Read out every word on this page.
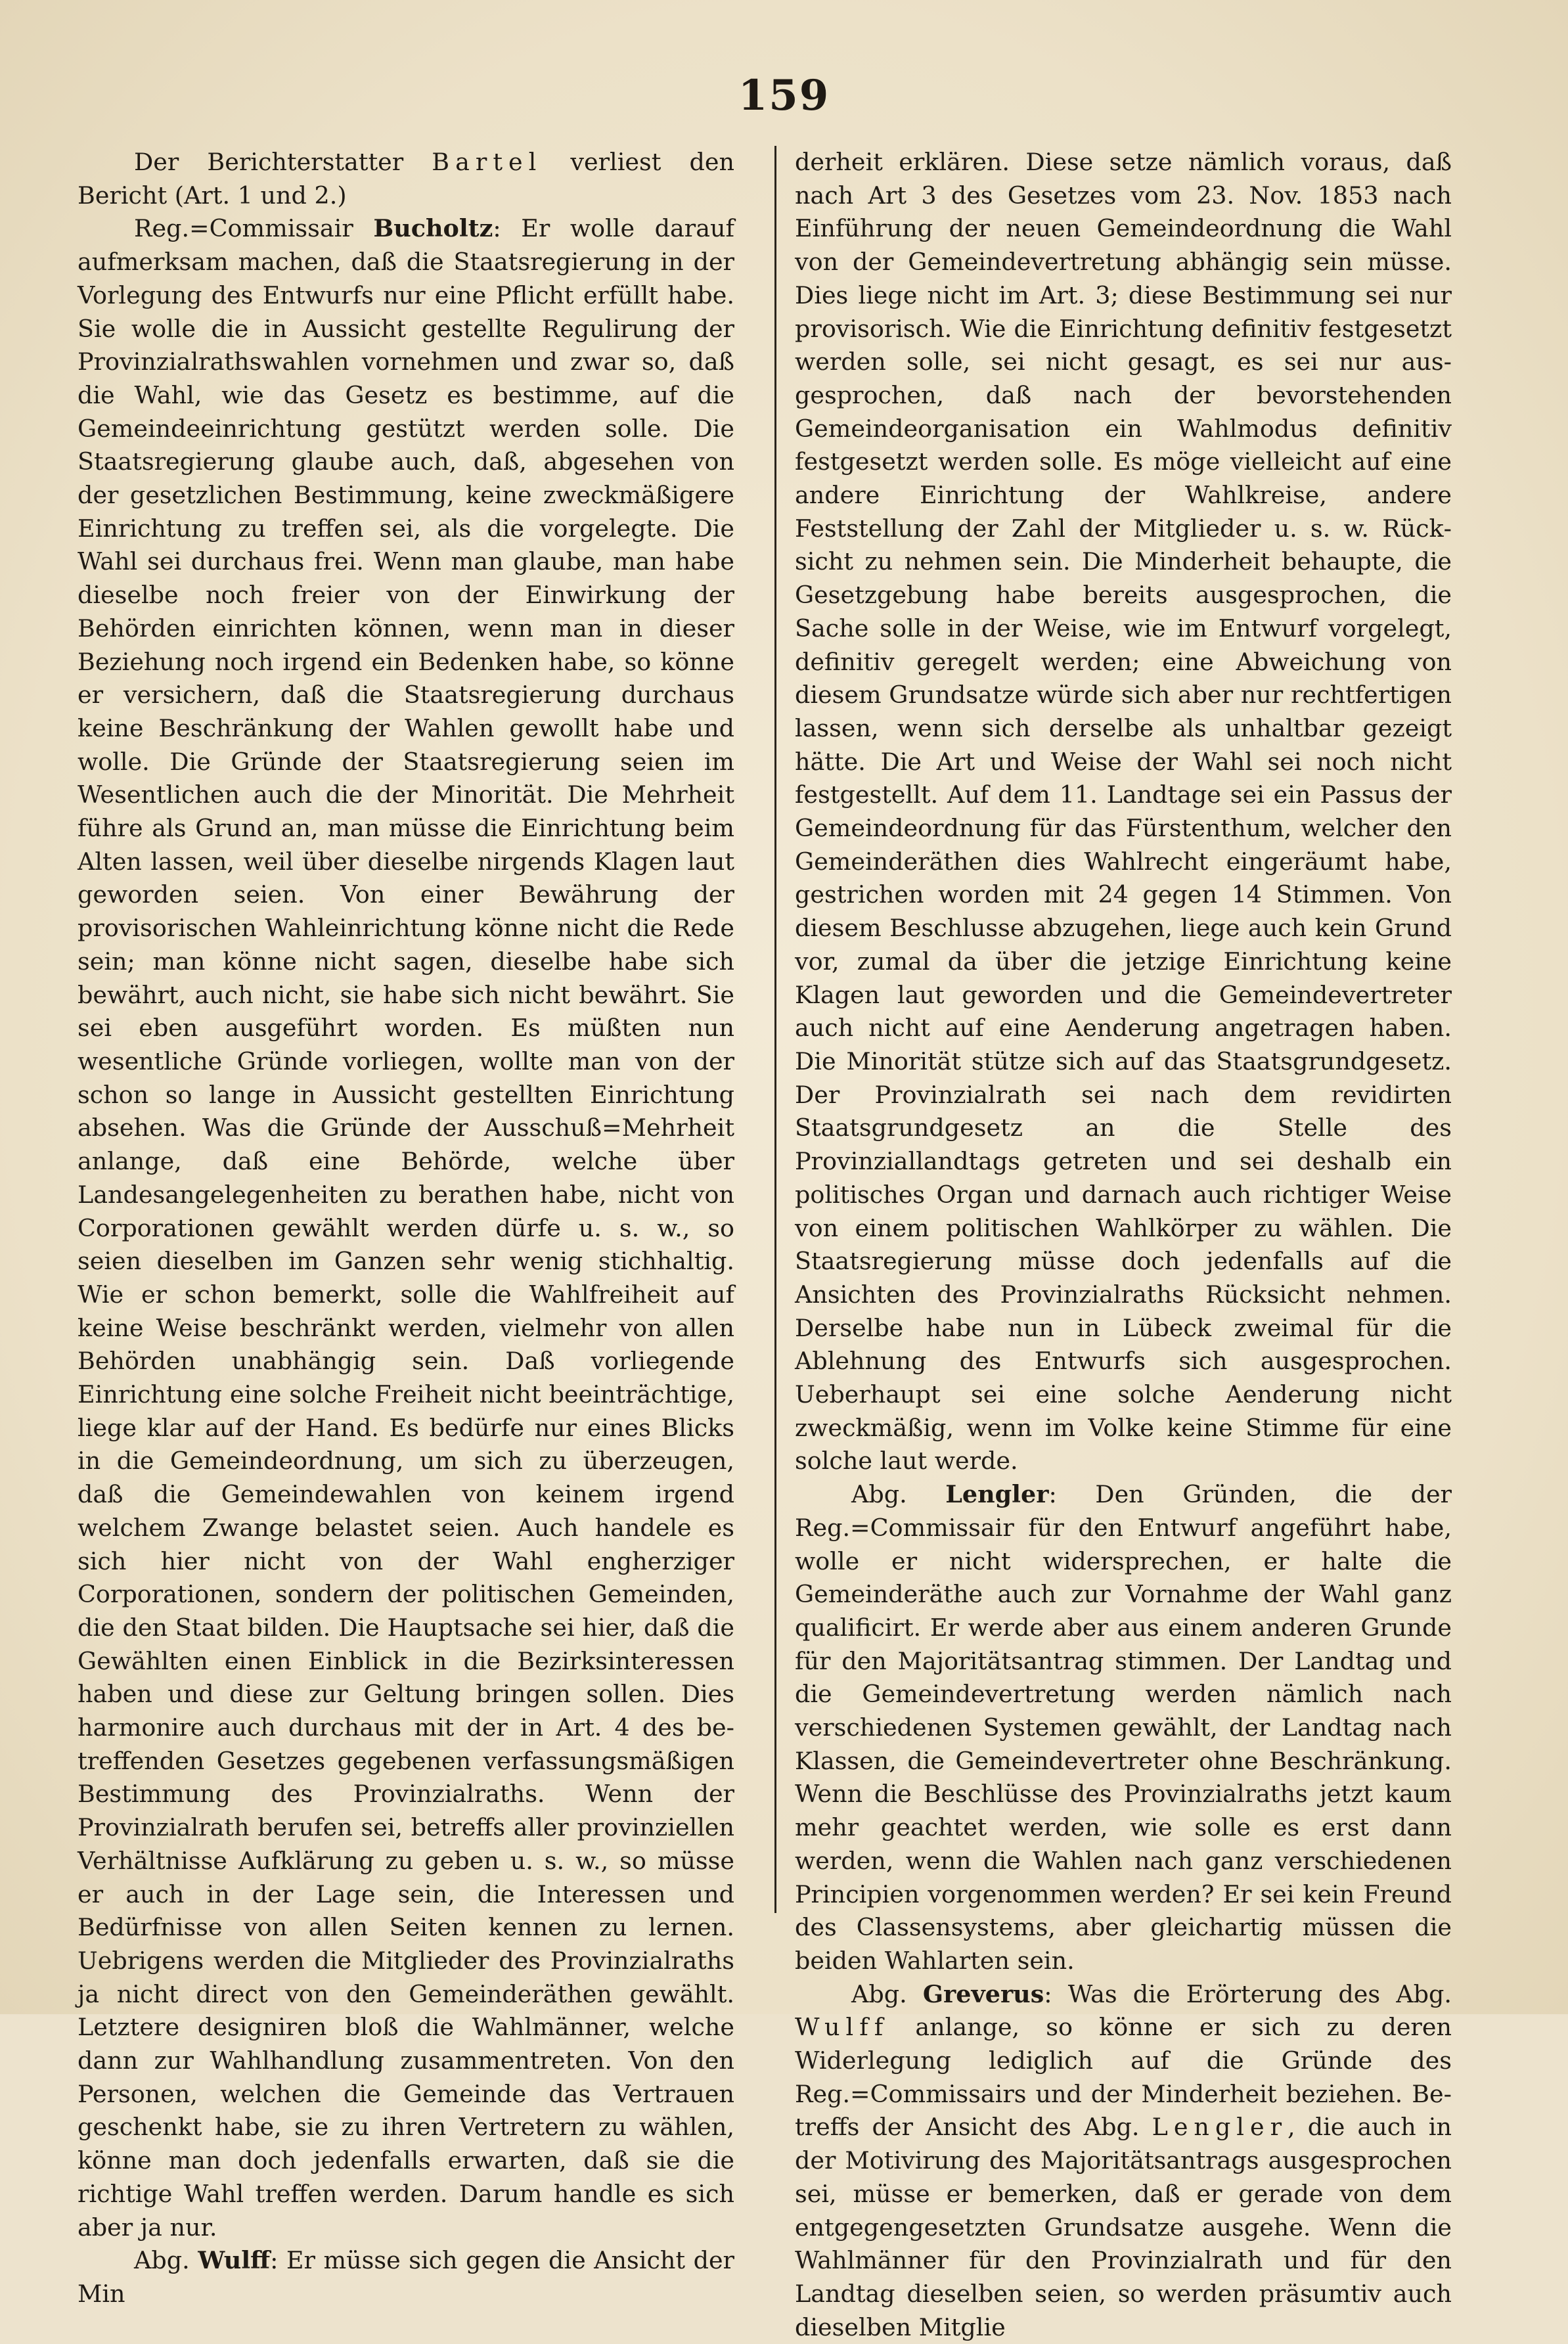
159

Der Berichterstatter Bartel verliest den Bericht (Art. 1 und 2.)

Reg.=Commissair Bucholtz: Er wolle darauf aufmerksam machen, daß die Staatsregierung in der Vorlegung des Entwurfs nur eine Pflicht erfüllt habe. Sie wolle die in Aussicht gestellte Regulirung der Provinzialrathswahlen vornehmen und zwar so, daß die Wahl, wie das Gesetz es bestimme, auf die Gemeindeeinrichtung gestützt werden solle. Die Staatsregierung glaube auch, daß, abgesehen von der gesetzlichen Bestimmung, keine zweckmäßigere Einrichtung zu treffen sei, als die vorgelegte. Die Wahl sei durchaus frei. Wenn man glaube, man habe dieselbe noch freier von der Einwirkung der Behörden einrichten können, wenn man in dieser Beziehung noch irgend ein Bedenken habe, so könne er versichern, daß die Staatsregierung durchaus keine Beschränkung der Wahlen gewollt habe und wolle. Die Gründe der Staatsregierung seien im Wesentlichen auch die der Minorität. Die Mehrheit führe als Grund an, man müsse die Einrichtung beim Alten lassen, weil über dieselbe nirgends Klagen laut geworden seien. Von einer Bewährung der provisorischen Wahleinrichtung könne nicht die Rede sein; man könne nicht sagen, dieselbe habe sich bewährt, auch nicht, sie habe sich nicht bewährt. Sie sei eben ausgeführt worden. Es müßten nun wesentliche Gründe vorliegen, wollte man von der schon so lange in Aussicht gestellten Einrichtung absehen. Was die Gründe der Ausschuß=Mehrheit anlange, daß eine Behörde, welche über Landesangelegenheiten zu berathen habe, nicht von Corporationen gewählt werden dürfe u. s. w., so seien dieselben im Ganzen sehr wenig stichhaltig. Wie er schon bemerkt, solle die Wahlfreiheit auf keine Weise beschränkt werden, vielmehr von allen Behörden unabhängig sein. Daß vorliegende Einrichtung eine solche Freiheit nicht beeinträchtige, liege klar auf der Hand. Es bedürfe nur eines Blicks in die Gemeindeordnung, um sich zu überzeugen, daß die Gemeindewahlen von keinem irgend welchem Zwange belastet seien. Auch handele es sich hier nicht von der Wahl engherziger Corporationen, sondern der politischen Gemeinden, die den Staat bilden. Die Hauptsache sei hier, daß die Gewählten einen Einblick in die Bezirksinteressen haben und diese zur Geltung bringen sollen. Dies harmonire auch durchaus mit der in Art. 4 des betreffenden Gesetzes gegebenen verfassungsmäßigen Bestimmung des Provinzialraths. Wenn der Provinzialrath berufen sei, betreffs aller provinziellen Verhältnisse Aufklärung zu geben u. s. w., so müsse er auch in der Lage sein, die Interessen und Bedürfnisse von allen Seiten kennen zu lernen. Uebrigens werden die Mitglieder des Provinzialraths ja nicht direct von den Gemeinderäthen gewählt. Letztere designiren bloß die Wahlmänner, welche dann zur Wahlhandlung zusammentreten. Von den Personen, welchen die Gemeinde das Vertrauen geschenkt habe, sie zu ihren Vertretern zu wählen, könne man doch jedenfalls erwarten, daß sie die richtige Wahl treffen werden. Darum handle es sich aber ja nur.

Abg. Wulff: Er müsse sich gegen die Ansicht der Min

derheit erklären. Diese setze nämlich voraus, daß nach Art 3 des Gesetzes vom 23. Nov. 1853 nach Einführung der neuen Gemeindeordnung die Wahl von der Gemeindevertretung abhängig sein müsse. Dies liege nicht im Art. 3; diese Bestimmung sei nur provisorisch. Wie die Einrichtung definitiv festgesetzt werden solle, sei nicht gesagt, es sei nur ausgesprochen, daß nach der bevorstehenden Gemeindeorganisation ein Wahlmodus definitiv festgesetzt werden solle. Es möge vielleicht auf eine andere Einrichtung der Wahlkreise, andere Feststellung der Zahl der Mitglieder u. s. w. Rücksicht zu nehmen sein. Die Minderheit behaupte, die Gesetzgebung habe bereits ausgesprochen, die Sache solle in der Weise, wie im Entwurf vorgelegt, definitiv geregelt werden; eine Abweichung von diesem Grundsatze würde sich aber nur rechtfertigen lassen, wenn sich derselbe als unhaltbar gezeigt hätte. Die Art und Weise der Wahl sei noch nicht festgestellt. Auf dem 11. Landtage sei ein Passus der Gemeindeordnung für das Fürstenthum, welcher den Gemeinderäthen dies Wahlrecht eingeräumt habe, gestrichen worden mit 24 gegen 14 Stimmen. Von diesem Beschlusse abzugehen, liege auch kein Grund vor, zumal da über die jetzige Einrichtung keine Klagen laut geworden und die Gemeindevertreter auch nicht auf eine Aenderung angetragen haben. Die Minorität stütze sich auf das Staatsgrundgesetz. Der Provinzialrath sei nach dem revidirten Staatsgrundgesetz an die Stelle des Provinziallandtags getreten und sei deshalb ein politisches Organ und darnach auch richtiger Weise von einem politischen Wahlkörper zu wählen. Die Staatsregierung müsse doch jedenfalls auf die Ansichten des Provinzialraths Rücksicht nehmen. Derselbe habe nun in Lübeck zweimal für die Ablehnung des Entwurfs sich ausgesprochen. Ueberhaupt sei eine solche Aenderung nicht zweckmäßig, wenn im Volke keine Stimme für eine solche laut werde.

Abg. Lengler: Den Gründen, die der Reg.=Commissair für den Entwurf angeführt habe, wolle er nicht widersprechen, er halte die Gemeinderäthe auch zur Vornahme der Wahl ganz qualificirt. Er werde aber aus einem anderen Grunde für den Majoritätsantrag stimmen. Der Landtag und die Gemeindevertretung werden nämlich nach verschiedenen Systemen gewählt, der Landtag nach Klassen, die Gemeindevertreter ohne Beschränkung. Wenn die Beschlüsse des Provinzialraths jetzt kaum mehr geachtet werden, wie solle es erst dann werden, wenn die Wahlen nach ganz verschiedenen Principien vorgenommen werden? Er sei kein Freund des Classensystems, aber gleichartig müssen die beiden Wahlarten sein.

Abg. Greverus: Was die Erörterung des Abg. Wulff anlange, so könne er sich zu deren Widerlegung lediglich auf die Gründe des Reg.=Commissairs und der Minderheit beziehen. Betreffs der Ansicht des Abg. Lengler, die auch in der Motivirung des Majoritätsantrags ausgesprochen sei, müsse er bemerken, daß er gerade von dem entgegengesetzten Grundsatze ausgehe. Wenn die Wahlmänner für den Provinzialrath und für den Landtag dieselben seien, so werden präsumtiv auch dieselben Mitglie
